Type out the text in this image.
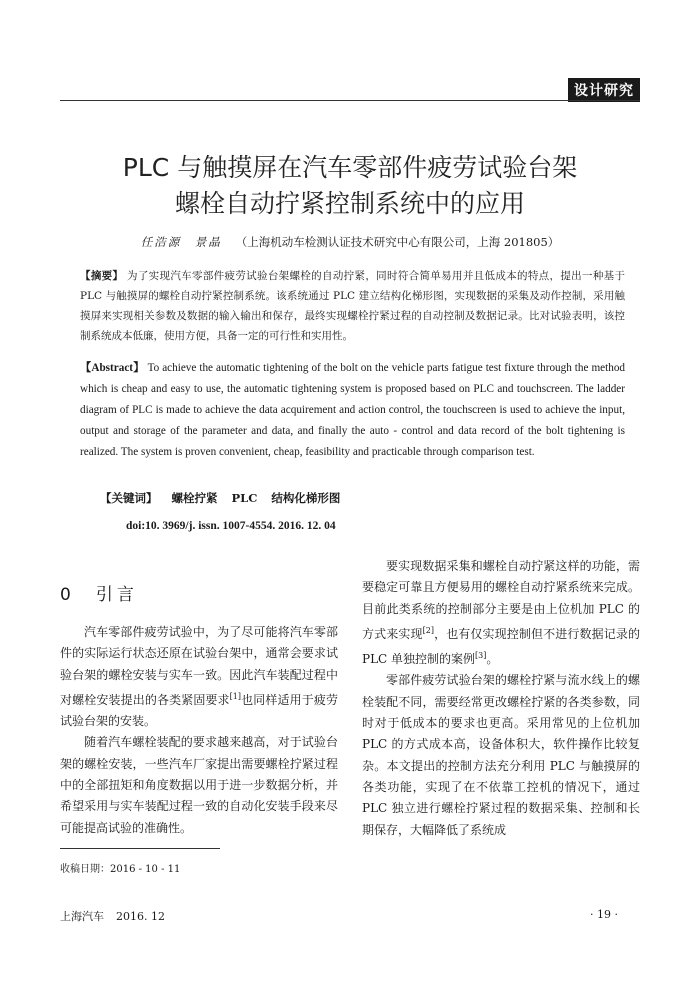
设计研究
PLC 与触摸屏在汽车零部件疲劳试验台架
螺栓自动拧紧控制系统中的应用
任浩源　景晶 （上海机动车检测认证技术研究中心有限公司，上海 201805）
【摘要】 为了实现汽车零部件疲劳试验台架螺栓的自动拧紧，同时符合简单易用并且低成本的特点，提出一种基于 PLC 与触摸屏的螺栓自动拧紧控制系统。该系统通过 PLC 建立结构化梯形图，实现数据的采集及动作控制，采用触摸屏来实现相关参数及数据的输入输出和保存，最终实现螺栓拧紧过程的自动控制及数据记录。比对试验表明，该控制系统成本低廉，使用方便，具备一定的可行性和实用性。
【Abstract】 To achieve the automatic tightening of the bolt on the vehicle parts fatigue test fixture through the method which is cheap and easy to use, the automatic tightening system is proposed based on PLC and touchscreen. The ladder diagram of PLC is made to achieve the data acquirement and action control, the touchscreen is used to achieve the input, output and storage of the parameter and data, and finally the auto - control and data record of the bolt tightening is realized. The system is proven convenient, cheap, feasibility and practicable through comparison test.
【关键词】 螺栓拧紧 PLC 结构化梯形图
doi:10. 3969/j. issn. 1007-4554. 2016. 12. 04
0　引言

汽车零部件疲劳试验中，为了尽可能将汽车零部件的实际运行状态还原在试验台架中，通常会要求试验台架的螺栓安装与实车一致。因此汽车装配过程中对螺栓安装提出的各类紧固要求[1]也同样适用于疲劳试验台架的安装。

随着汽车螺栓装配的要求越来越高，对于试验台架的螺栓安装，一些汽车厂家提出需要螺栓拧紧过程中的全部扭矩和角度数据以用于进一步数据分析，并希望采用与实车装配过程一致的自动化安装手段来尽可能提高试验的准确性。

要实现数据采集和螺栓自动拧紧这样的功能，需要稳定可靠且方便易用的螺栓自动拧紧系统来完成。目前此类系统的控制部分主要是由上位机加 PLC 的方式来实现[2]，也有仅实现控制但不进行数据记录的 PLC 单独控制的案例[3]。

零部件疲劳试验台架的螺栓拧紧与流水线上的螺栓装配不同，需要经常更改螺栓拧紧的各类参数，同时对于低成本的要求也更高。采用常见的上位机加 PLC 的方式成本高，设备体积大，软件操作比较复杂。本文提出的控制方法充分利用 PLC 与触摸屏的各类功能，实现了在不依靠工控机的情况下，通过 PLC 独立进行螺栓拧紧过程的数据采集、控制和长期保存，大幅降低了系统成

收稿日期：2016 - 10 - 11
上海汽车 2016. 12	· 19 ·
